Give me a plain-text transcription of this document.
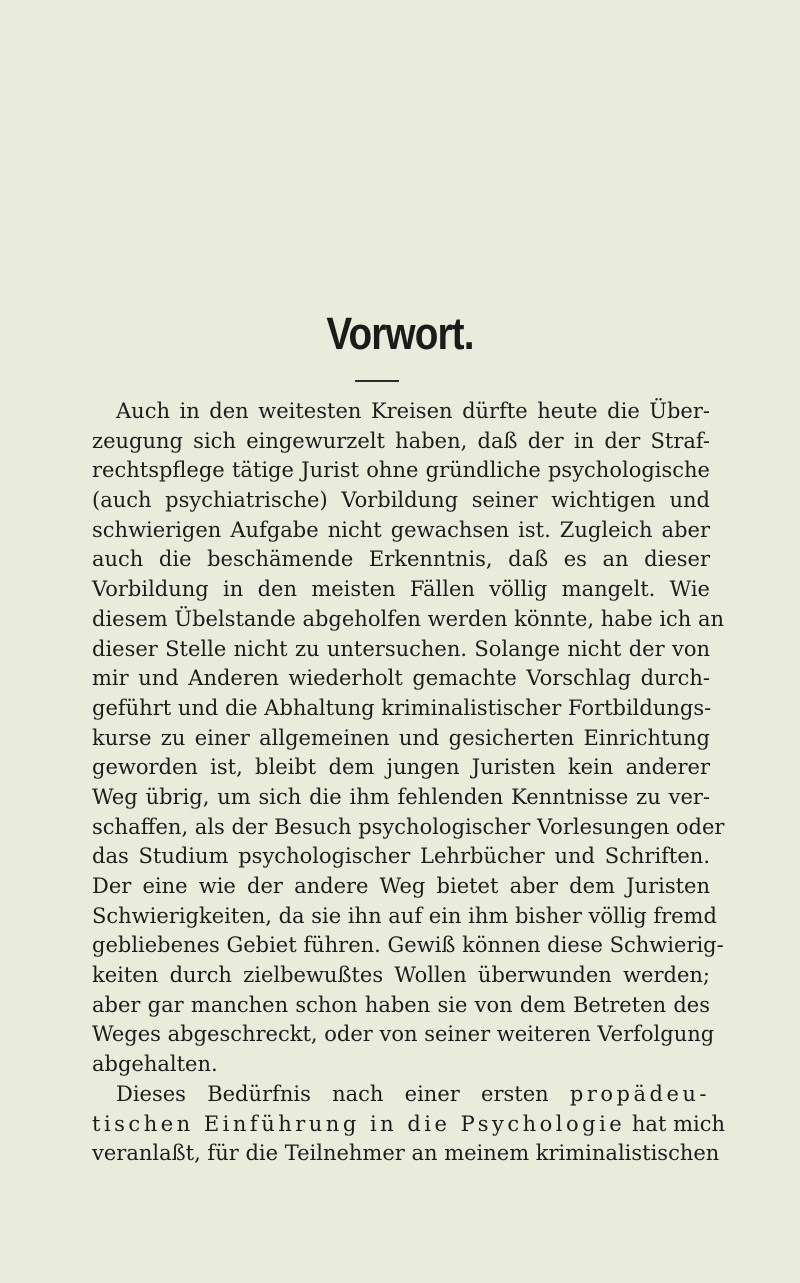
Vorwort.
Auch in den weitesten Kreisen dürfte heute die Über-
zeugung sich eingewurzelt haben, daß der in der Straf-
rechtspflege tätige Jurist ohne gründliche psychologische
(auch psychiatrische) Vorbildung seiner wichtigen und
schwierigen Aufgabe nicht gewachsen ist. Zugleich aber
auch die beschämende Erkenntnis, daß es an dieser
Vorbildung in den meisten Fällen völlig mangelt. Wie
diesem Übelstande abgeholfen werden könnte, habe ich an
dieser Stelle nicht zu untersuchen. Solange nicht der von
mir und Anderen wiederholt gemachte Vorschlag durch-
geführt und die Abhaltung kriminalistischer Fortbildungs-
kurse zu einer allgemeinen und gesicherten Einrichtung
geworden ist, bleibt dem jungen Juristen kein anderer
Weg übrig, um sich die ihm fehlenden Kenntnisse zu ver-
schaffen, als der Besuch psychologischer Vorlesungen oder
das Studium psychologischer Lehrbücher und Schriften.
Der eine wie der andere Weg bietet aber dem Juristen
Schwierigkeiten, da sie ihn auf ein ihm bisher völlig fremd
gebliebenes Gebiet führen. Gewiß können diese Schwierig-
keiten durch zielbewußtes Wollen überwunden werden;
aber gar manchen schon haben sie von dem Betreten des
Weges abgeschreckt, oder von seiner weiteren Verfolgung
abgehalten.
Dieses Bedürfnis nach einer ersten propädeu-
tischen Einführung in die Psychologie hat mich
veranlaßt, für die Teilnehmer an meinem kriminalistischen
